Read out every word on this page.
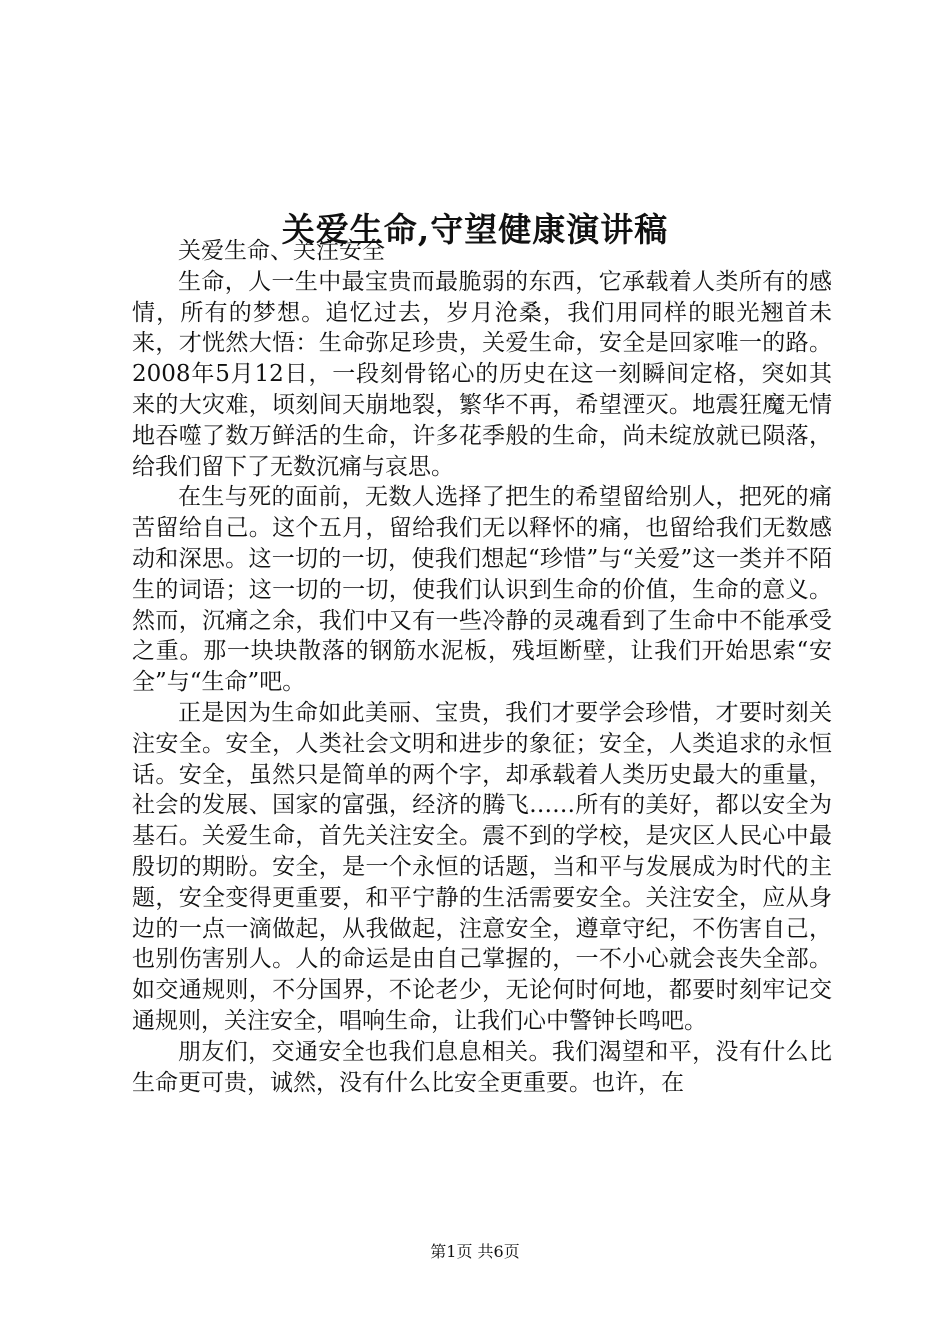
关爱生命,守望健康演讲稿

关爱生命、关注安全

生命，人一生中最宝贵而最脆弱的东西，它承载着人类所有的感情，所有的梦想。追忆过去，岁月沧桑，我们用同样的眼光翘首未来，才恍然大悟：生命弥足珍贵，关爱生命，安全是回家唯一的路。2008年5月12日，一段刻骨铭心的历史在这一刻瞬间定格，突如其来的大灾难，顷刻间天崩地裂，繁华不再，希望湮灭。地震狂魔无情地吞噬了数万鲜活的生命，许多花季般的生命，尚未绽放就已陨落，给我们留下了无数沉痛与哀思。

在生与死的面前，无数人选择了把生的希望留给别人，把死的痛苦留给自己。这个五月，留给我们无以释怀的痛，也留给我们无数感动和深思。这一切的一切，使我们想起“珍惜”与“关爱”这一类并不陌生的词语；这一切的一切，使我们认识到生命的价值，生命的意义。然而，沉痛之余，我们中又有一些冷静的灵魂看到了生命中不能承受之重。那一块块散落的钢筋水泥板，残垣断壁，让我们开始思索“安全”与“生命”吧。

正是因为生命如此美丽、宝贵，我们才要学会珍惜，才要时刻关注安全。安全，人类社会文明和进步的象征；安全，人类追求的永恒话。安全，虽然只是简单的两个字，却承载着人类历史最大的重量，社会的发展、国家的富强，经济的腾飞……所有的美好，都以安全为基石。关爱生命，首先关注安全。震不到的学校，是灾区人民心中最殷切的期盼。安全，是一个永恒的话题，当和平与发展成为时代的主题，安全变得更重要，和平宁静的生活需要安全。关注安全，应从身边的一点一滴做起，从我做起，注意安全，遵章守纪，不伤害自己，也别伤害别人。人的命运是由自己掌握的，一不小心就会丧失全部。如交通规则，不分国界，不论老少，无论何时何地，都要时刻牢记交通规则，关注安全，唱响生命，让我们心中警钟长鸣吧。

朋友们，交通安全也我们息息相关。我们渴望和平，没有什么比生命更可贵，诚然，没有什么比安全更重要。也许，在

第1页 共6页
